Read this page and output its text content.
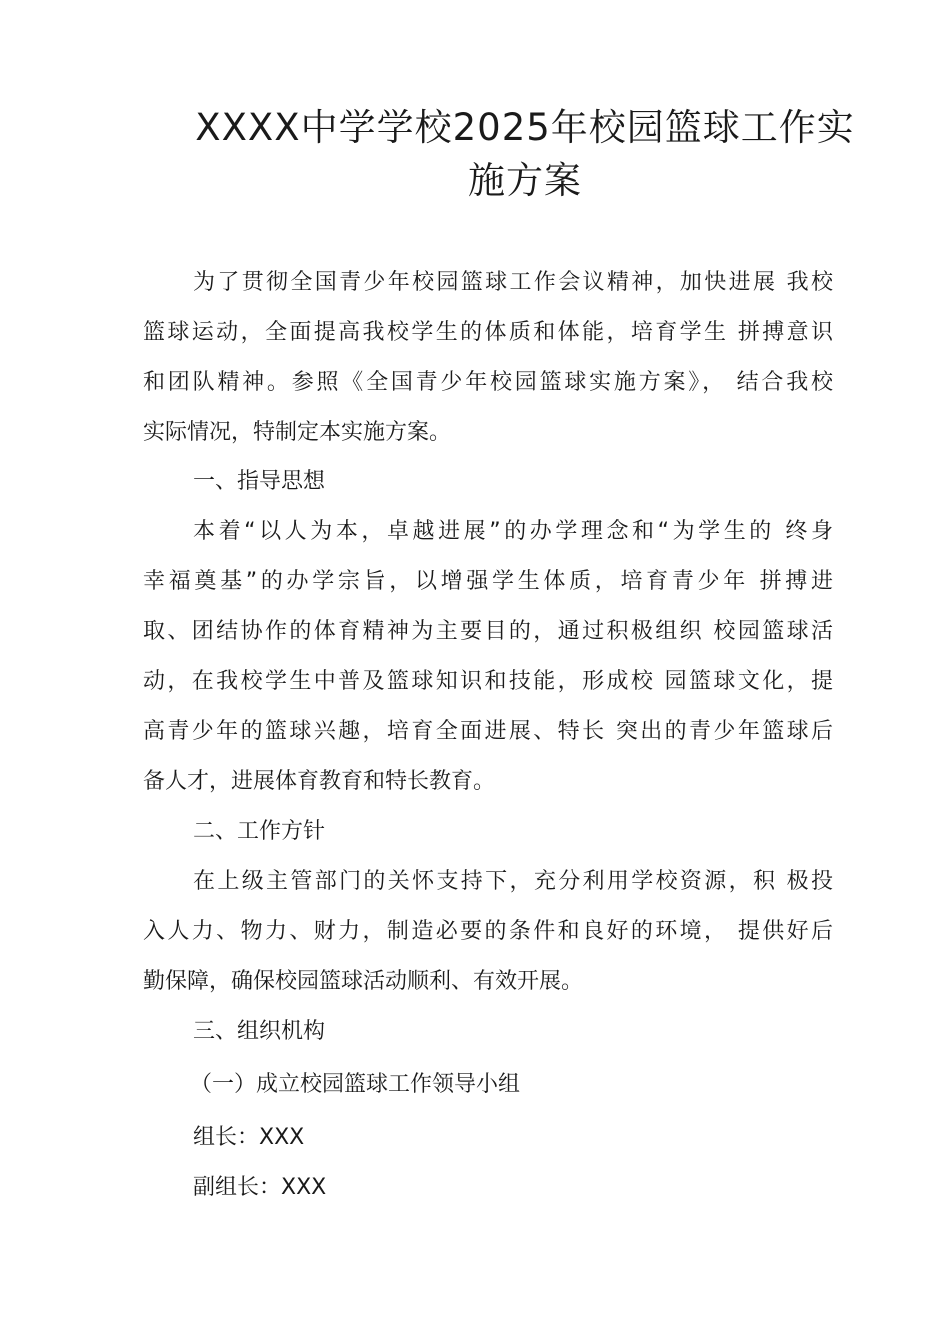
XXXX中学学校2025年校园篮球工作实
施方案

为了贯彻全国青少年校园篮球工作会议精神，加快进展 我校

篮球运动，全面提高我校学生的体质和体能，培育学生 拼搏意识

和团队精神。参照《全国青少年校园篮球实施方案》， 结合我校

实际情况，特制定本实施方案。

一、指导思想

本着“以人为本，卓越进展”的办学理念和“为学生的 终身

幸福奠基”的办学宗旨，以增强学生体质，培育青少年 拼搏进

取、团结协作的体育精神为主要目的，通过积极组织 校园篮球活

动，在我校学生中普及篮球知识和技能，形成校 园篮球文化，提

高青少年的篮球兴趣，培育全面进展、特长 突出的青少年篮球后

备人才，进展体育教育和特长教育。

二、工作方针

在上级主管部门的关怀支持下，充分利用学校资源，积 极投

入人力、物力、财力，制造必要的条件和良好的环境， 提供好后

勤保障，确保校园篮球活动顺利、有效开展。

三、组织机构

（一）成立校园篮球工作领导小组

组长：XXX

副组长：XXX
